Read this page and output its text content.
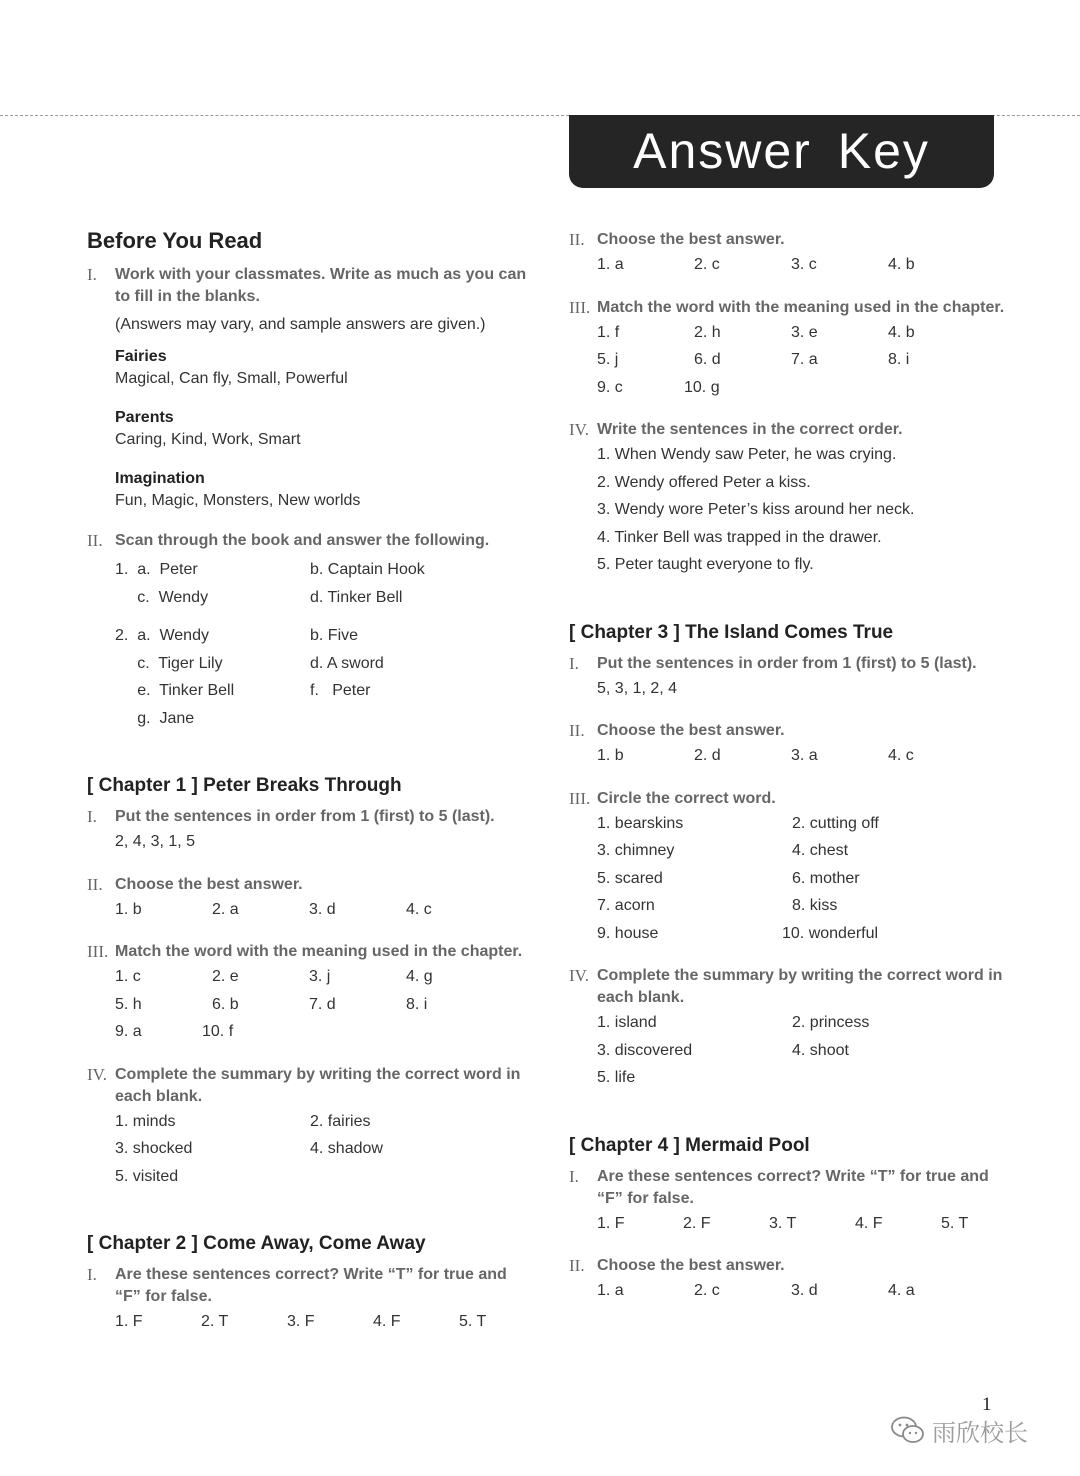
Answer Key
Before You Read
I. Work with your classmates. Write as much as you can to fill in the blanks.
(Answers may vary, and sample answers are given.)
Fairies
Magical, Can fly, Small, Powerful
Parents
Caring, Kind, Work, Smart
Imagination
Fun, Magic, Monsters, New worlds
II. Scan through the book and answer the following.
1.  a.  Peter	b. Captain Hook
c.  Wendy	d. Tinker Bell
2.  a.  Wendy	b. Five
c.  Tiger Lily	d. A sword
e.  Tinker Bell	f.   Peter
g.  Jane
[ Chapter 1 ] Peter Breaks Through
I. Put the sentences in order from 1 (first) to 5 (last).
2, 4, 3, 1, 5
II. Choose the best answer.
1. b	2. a	3. d	4. c
III. Match the word with the meaning used in the chapter.
1. c	2. e	3. j	4. g
5. h	6. b	7. d	8. i
9. a	10. f
IV. Complete the summary by writing the correct word in each blank.
1. minds	2. fairies
3. shocked	4. shadow
5. visited
[ Chapter 2 ] Come Away, Come Away
I. Are these sentences correct? Write “T” for true and “F” for false.
1. F	2. T	3. F	4. F	5. T
II. Choose the best answer.
1. a	2. c	3. c	4. b
III. Match the word with the meaning used in the chapter.
1. f	2. h	3. e	4. b
5. j	6. d	7. a	8. i
9. c	10. g
IV. Write the sentences in the correct order.
1. When Wendy saw Peter, he was crying.
2. Wendy offered Peter a kiss.
3. Wendy wore Peter’s kiss around her neck.
4. Tinker Bell was trapped in the drawer.
5. Peter taught everyone to fly.
[ Chapter 3 ] The Island Comes True
I. Put the sentences in order from 1 (first) to 5 (last).
5, 3, 1, 2, 4
II. Choose the best answer.
1. b	2. d	3. a	4. c
III. Circle the correct word.
1. bearskins	2. cutting off
3. chimney	4. chest
5. scared	6. mother
7. acorn	8. kiss
9. house	10. wonderful
IV. Complete the summary by writing the correct word in each blank.
1. island	2. princess
3. discovered	4. shoot
5. life
[ Chapter 4 ] Mermaid Pool
I. Are these sentences correct? Write “T” for true and “F” for false.
1. F	2. F	3. T	4. F	5. T
II. Choose the best answer.
1. a	2. c	3. d	4. a
1
雨欣校长
